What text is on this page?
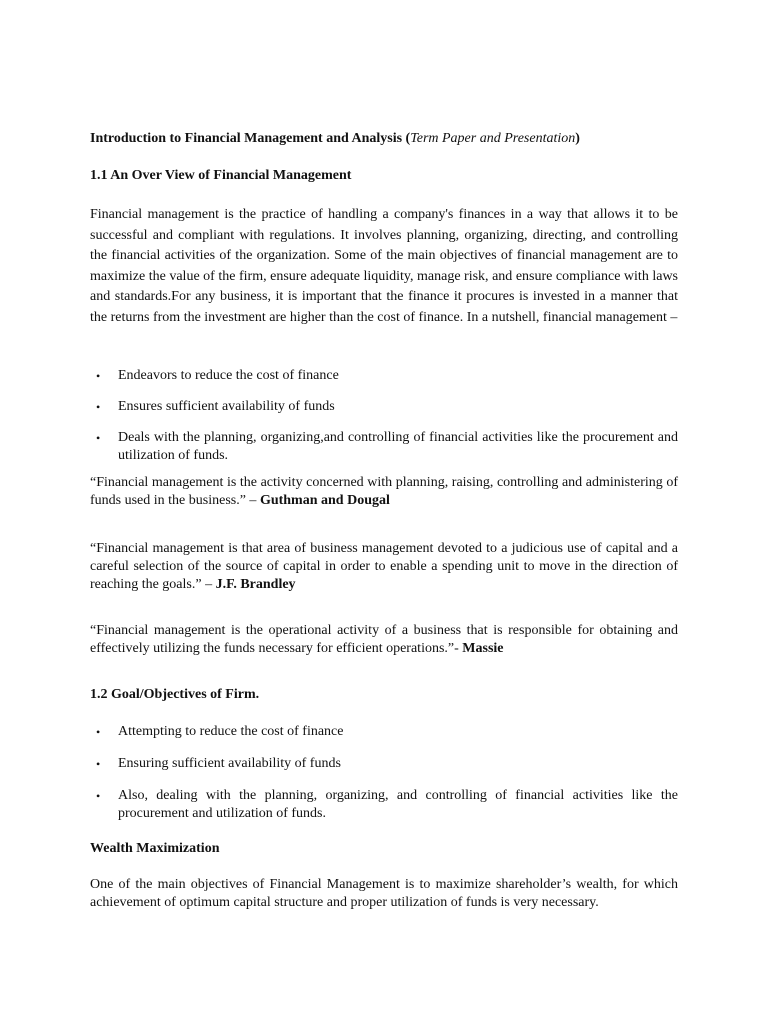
Introduction to Financial Management and Analysis (Term Paper and Presentation)
1.1 An Over View of Financial Management
Financial management is the practice of handling a company's finances in a way that allows it to be successful and compliant with regulations. It involves planning, organizing, directing, and controlling the financial activities of the organization. Some of the main objectives of financial management are to maximize the value of the firm, ensure adequate liquidity, manage risk, and ensure compliance with laws and standards.For any business, it is important that the finance it procures is invested in a manner that the returns from the investment are higher than the cost of finance. In a nutshell, financial management –
• Endeavors to reduce the cost of finance
• Ensures sufficient availability of funds
• Deals with the planning, organizing,and controlling of financial activities like the procurement and utilization of funds.
“Financial management is the activity concerned with planning, raising, controlling and administering of funds used in the business.” – Guthman and Dougal
“Financial management is that area of business management devoted to a judicious use of capital and a careful selection of the source of capital in order to enable a spending unit to move in the direction of reaching the goals.” – J.F. Brandley
“Financial management is the operational activity of a business that is responsible for obtaining and effectively utilizing the funds necessary for efficient operations.”- Massie
1.2 Goal/Objectives of Firm.
• Attempting to reduce the cost of finance
• Ensuring sufficient availability of funds
• Also, dealing with the planning, organizing, and controlling of financial activities like the procurement and utilization of funds.
Wealth Maximization
One of the main objectives of Financial Management is to maximize shareholder’s wealth, for which achievement of optimum capital structure and proper utilization of funds is very necessary.
